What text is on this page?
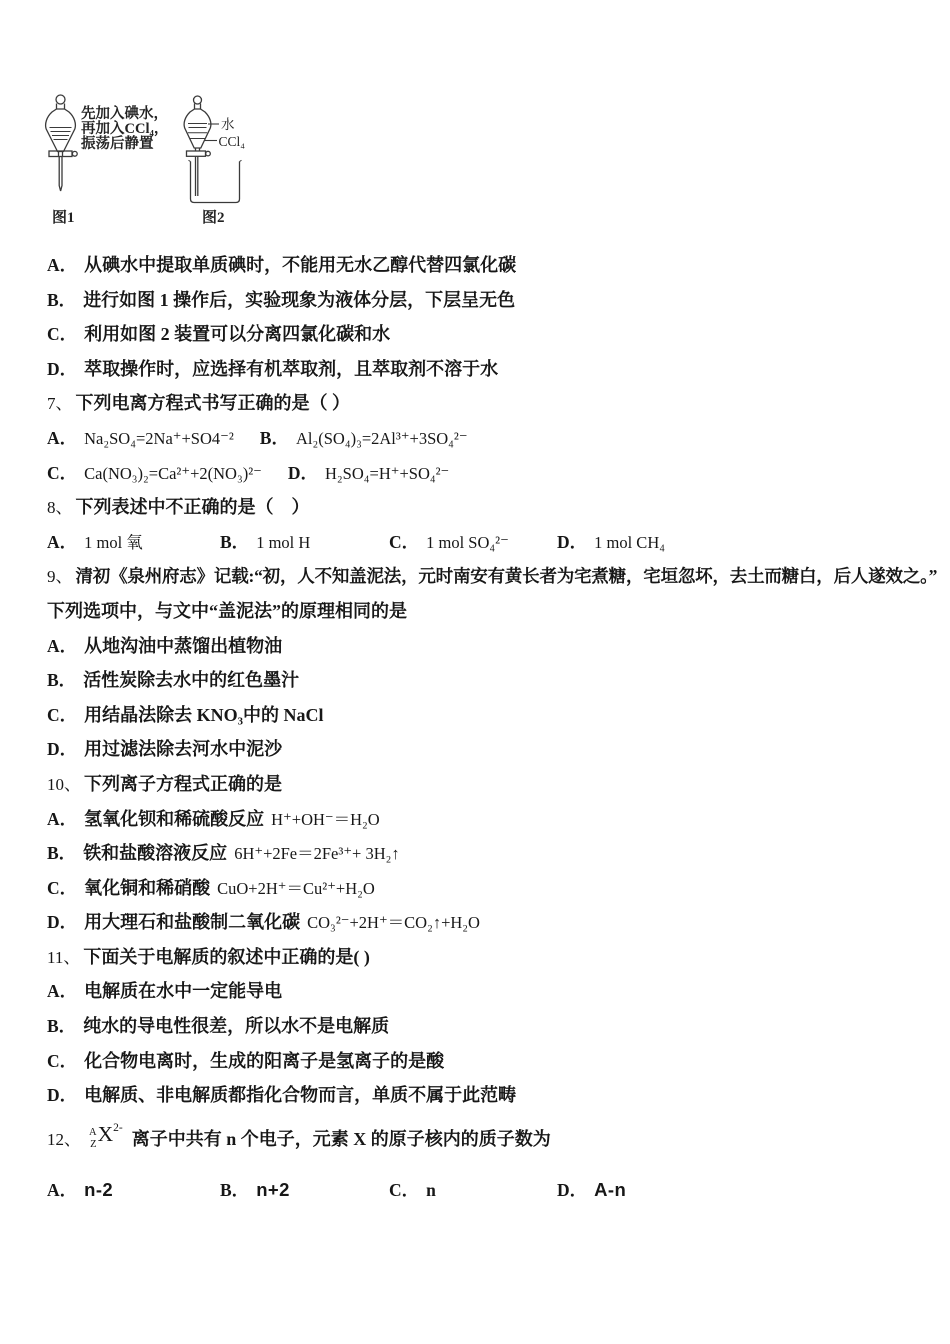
先加入碘水，
再加入CCl₄，
振荡后静置
图1
水
CCl₄
图2
A． 从碘水中提取单质碘时，不能用无水乙醇代替四氯化碳
B． 进行如图 1 操作后，实验现象为液体分层，下层呈无色
C． 利用如图 2 装置可以分离四氯化碳和水
D． 萃取操作时，应选择有机萃取剂，且萃取剂不溶于水
7、 下列电离方程式书写正确的是（ ）
A． Na₂SO₄=2Na⁺+SO4⁻² B． Al₂(SO₄)₃=2Al³⁺+3SO₄²⁻
C． Ca(NO₃)₂=Ca²⁺+2(NO₃)²⁻ D． H₂SO₄=H⁺+SO₄²⁻
8、 下列表述中不正确的是（　）
A． 1 mol 氧	B． 1 mol H	C． 1 mol SO₄²⁻	D． 1 mol CH₄
9、 清初《泉州府志》记载:“初，人不知盖泥法，元时南安有黄长者为宅煮糖，宅垣忽坏，去土而糖白，后人遂效之。”
下列选项中，与文中“盖泥法”的原理相同的是
A． 从地沟油中蒸馏出植物油
B． 活性炭除去水中的红色墨汁
C． 用结晶法除去 KNO₃中的 NaCl
D． 用过滤法除去河水中泥沙
10、 下列离子方程式正确的是
A． 氢氧化钡和稀硫酸反应 H⁺+OH⁻＝H₂O
B． 铁和盐酸溶液反应 6H⁺+2Fe＝2Fe³⁺+ 3H₂↑
C． 氧化铜和稀硝酸 CuO+2H⁺＝Cu²⁺+H₂O
D． 用大理石和盐酸制二氧化碳 CO₃²⁻+2H⁺＝CO₂↑+H₂O
11、 下面关于电解质的叙述中正确的是( )
A． 电解质在水中一定能导电
B． 纯水的导电性很差，所以水不是电解质
C． 化合物电离时，生成的阳离子是氢离子的是酸
D． 电解质、非电解质都指化合物而言，单质不属于此范畴
12、 A
Z $X^{2-}$离子中共有 n 个电子，元素 X 的原子核内的质子数为
A． n-2	B． n+2	C． n	D． A-n
